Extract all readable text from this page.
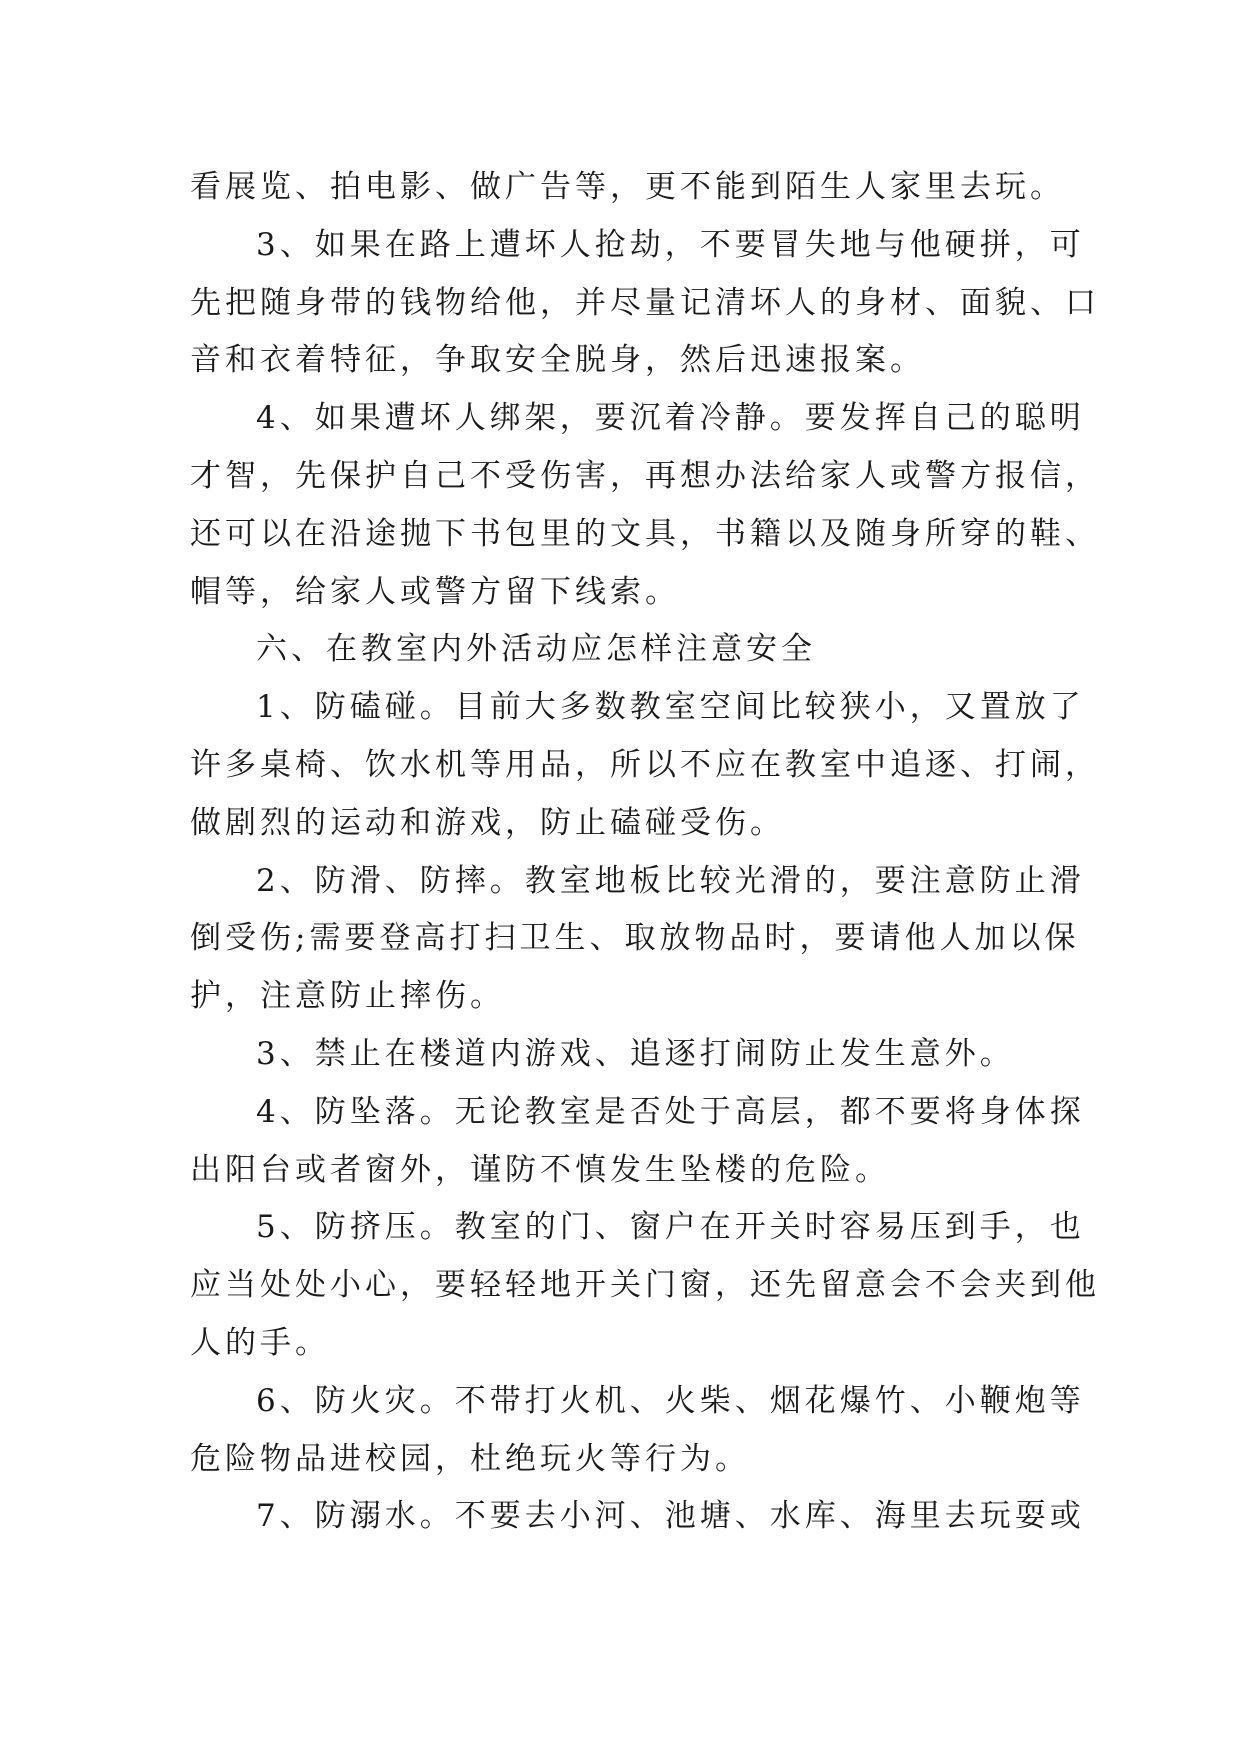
看展览、拍电影、做广告等，更不能到陌生人家里去玩。
3、如果在路上遭坏人抢劫，不要冒失地与他硬拼，可
先把随身带的钱物给他，并尽量记清坏人的身材、面貌、口
音和衣着特征，争取安全脱身，然后迅速报案。
4、如果遭坏人绑架，要沉着冷静。要发挥自己的聪明
才智，先保护自己不受伤害，再想办法给家人或警方报信，
还可以在沿途抛下书包里的文具，书籍以及随身所穿的鞋、
帽等，给家人或警方留下线索。
六、在教室内外活动应怎样注意安全
1、防磕碰。目前大多数教室空间比较狭小，又置放了
许多桌椅、饮水机等用品，所以不应在教室中追逐、打闹，
做剧烈的运动和游戏，防止磕碰受伤。
2、防滑、防摔。教室地板比较光滑的，要注意防止滑
倒受伤;需要登高打扫卫生、取放物品时，要请他人加以保
护，注意防止摔伤。
3、禁止在楼道内游戏、追逐打闹防止发生意外。
4、防坠落。无论教室是否处于高层，都不要将身体探
出阳台或者窗外，谨防不慎发生坠楼的危险。
5、防挤压。教室的门、窗户在开关时容易压到手，也
应当处处小心，要轻轻地开关门窗，还先留意会不会夹到他
人的手。
6、防火灾。不带打火机、火柴、烟花爆竹、小鞭炮等
危险物品进校园，杜绝玩火等行为。
7、防溺水。不要去小河、池塘、水库、海里去玩耍或
